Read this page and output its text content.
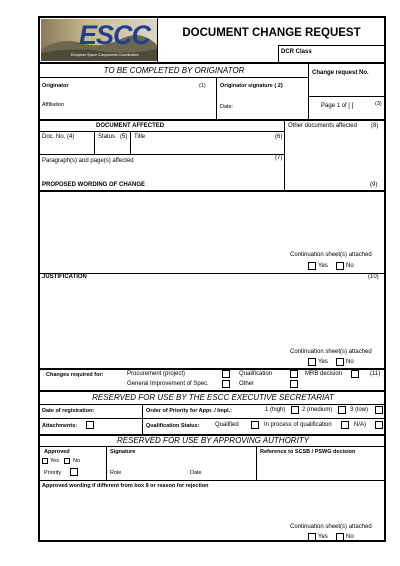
ESCC
European Space Components Coordination
DOCUMENT CHANGE REQUEST
DCR Class
TO BE COMPLETED BY ORIGINATOR	Change request No.
Originator	(1)	Originator signature ( 2)
Affiliation	Date:	Page 1 of [ ]	(3)
DOCUMENT AFFECTED	Other documents affected (8)
Doc. No. (4)	Status (5) Title	(6)
Paragraph(s) and page(s) affected	(7)
PROPOSED WORDING OF CHANGE	(9)
Continuation sheet(s) attached
Yes	No
JUSTIFICATION	(10)
Continuation sheet(s) attached
Yes	No
Changes required for:	Procurement (project)	Qualification	MRB decision	(11)
General Improvement of Spec.	Other
RESERVED FOR USE BY THE ESCC EXECUTIVE SECRETARIAT
Date of registration:	Order of Priority for Appr. / Impl.:	1 (high)	2 (medium)	3 (low)
Attachments:	Qualification Status:	Qualified	In process of qualification	N/A)
RESERVED FOR USE BY APPROVING AUTHORITY
Approved
Yes	No
Signature	Reference to SCSB / PSWG decision
Priority	Role	Date
Approved wording if different from box 9 or reason for rejection
Continuation sheet(s) attached
Yes	No
